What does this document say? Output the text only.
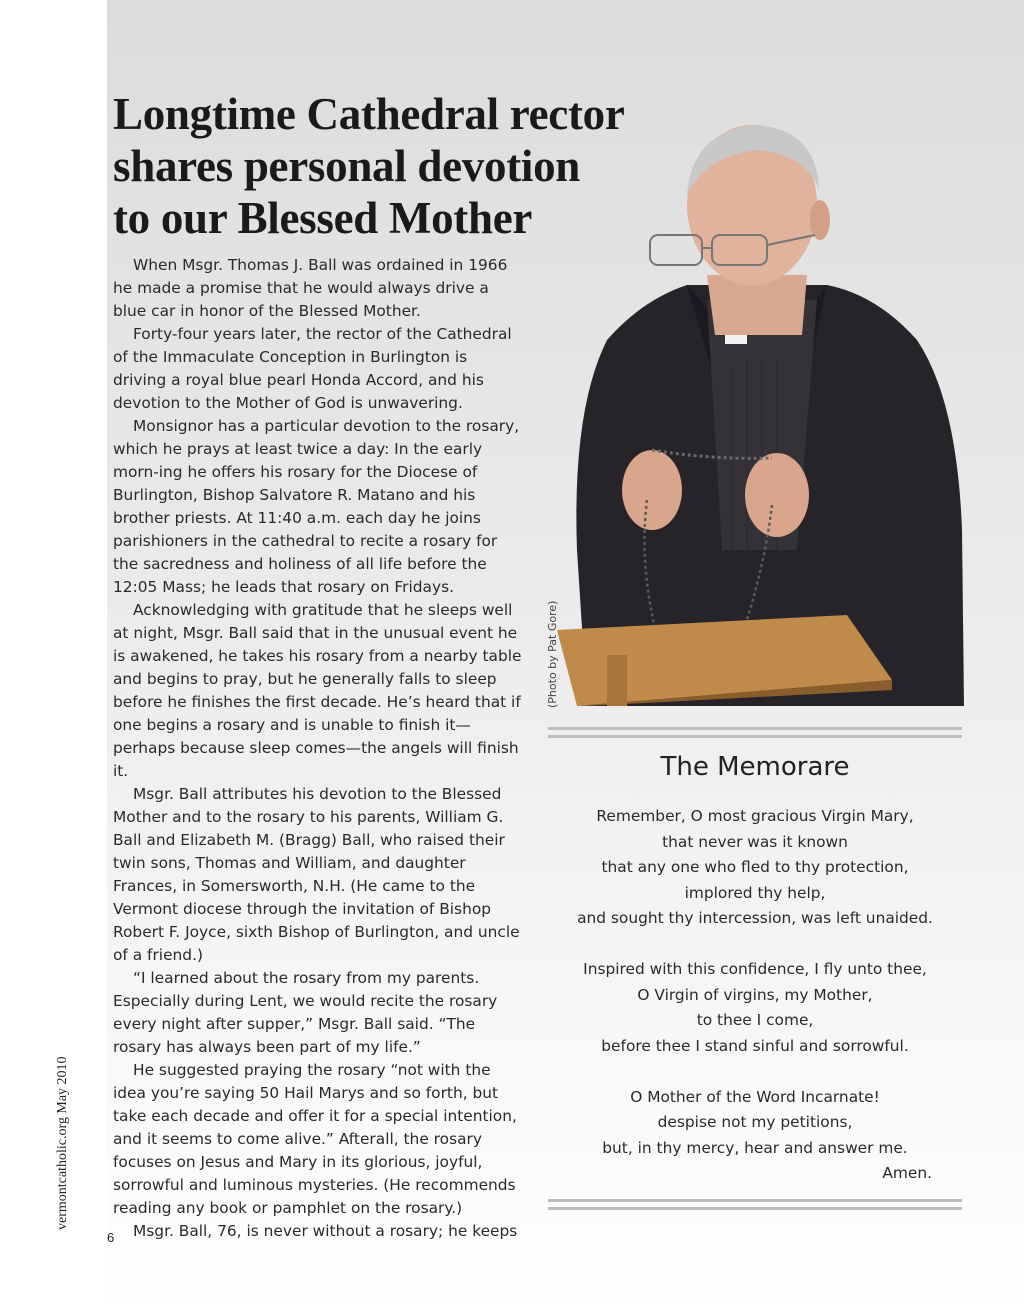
vermontcatholic.org May 2010
6
Longtime Cathedral rector
shares personal devotion
to our Blessed Mother

When Msgr. Thomas J. Ball was ordained in 1966 he made a promise that he would always drive a blue car in honor of the Blessed Mother.

Forty-four years later, the rector of the Cathedral of the Immaculate Conception in Burlington is driving a royal blue pearl Honda Accord, and his devotion to the Mother of God is unwavering.

Monsignor has a particular devotion to the rosary, which he prays at least twice a day: In the early morn-ing he offers his rosary for the Diocese of Burlington, Bishop Salvatore R. Matano and his brother priests. At 11:40 a.m. each day he joins parishioners in the cathedral to recite a rosary for the sacredness and holiness of all life before the 12:05 Mass; he leads that rosary on Fridays.

Acknowledging with gratitude that he sleeps well at night, Msgr. Ball said that in the unusual event he is awakened, he takes his rosary from a nearby table and begins to pray, but he generally falls to sleep before he finishes the first decade. He’s heard that if one begins a rosary and is unable to finish it—perhaps because sleep comes—the angels will finish it.

Msgr. Ball attributes his devotion to the Blessed Mother and to the rosary to his parents, William G. Ball and Elizabeth M. (Bragg) Ball, who raised their twin sons, Thomas and William, and daughter Frances, in Somersworth, N.H. (He came to the Vermont diocese through the invitation of Bishop Robert F. Joyce, sixth Bishop of Burlington, and uncle of a friend.)

“I learned about the rosary from my parents. Especially during Lent, we would recite the rosary every night after supper,” Msgr. Ball said. “The rosary has always been part of my life.”

He suggested praying the rosary “not with the idea you’re saying 50 Hail Marys and so forth, but take each decade and offer it for a special intention, and it seems to come alive.” Afterall, the rosary focuses on Jesus and Mary in its glorious, joyful, sorrowful and luminous mysteries. (He recommends reading any book or pamphlet on the rosary.)

Msgr. Ball, 76, is never without a rosary; he keeps

(Photo by Pat Gore)
The Memorare
Remember, O most gracious Virgin Mary,
that never was it known
that any one who fled to thy protection,
implored thy help,
and sought thy intercession, was left unaided.
Inspired with this confidence, I fly unto thee,
O Virgin of virgins, my Mother,
to thee I come,
before thee I stand sinful and sorrowful.
O Mother of the Word Incarnate!
despise not my petitions,
but, in thy mercy, hear and answer me.
Amen.
